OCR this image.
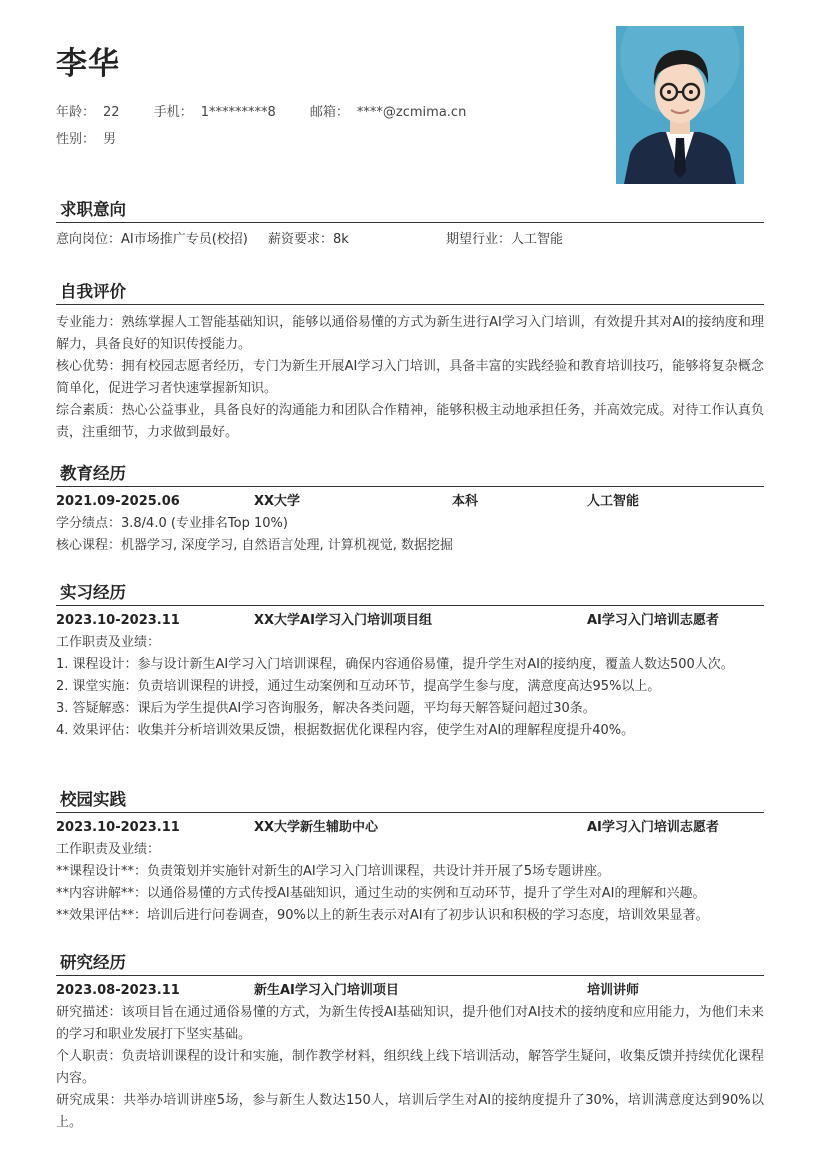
李华
年龄： 22	手机： 1*********8	邮箱： ****@zcmima.cn
性别： 男
求职意向
意向岗位：AI市场推广专员(校招) 薪资要求：8k	期望行业：人工智能
自我评价
专业能力：熟练掌握人工智能基础知识，能够以通俗易懂的方式为新生进行AI学习入门培训，有效提升其对AI的接纳度和理解力，具备良好的知识传授能力。
核心优势：拥有校园志愿者经历，专门为新生开展AI学习入门培训，具备丰富的实践经验和教育培训技巧，能够将复杂概念简单化，促进学习者快速掌握新知识。
综合素质：热心公益事业，具备良好的沟通能力和团队合作精神，能够积极主动地承担任务，并高效完成。对待工作认真负责，注重细节，力求做到最好。
教育经历
2021.09-2025.06	XX大学	本科	人工智能
学分绩点：3.8/4.0 (专业排名Top 10%)
核心课程：机器学习, 深度学习, 自然语言处理, 计算机视觉, 数据挖掘
实习经历
2023.10-2023.11	XX大学AI学习入门培训项目组	AI学习入门培训志愿者
工作职责及业绩：
1. 课程设计：参与设计新生AI学习入门培训课程，确保内容通俗易懂，提升学生对AI的接纳度，覆盖人数达500人次。
2. 课堂实施：负责培训课程的讲授，通过生动案例和互动环节，提高学生参与度，满意度高达95%以上。
3. 答疑解惑：课后为学生提供AI学习咨询服务，解决各类问题，平均每天解答疑问超过30条。
4. 效果评估：收集并分析培训效果反馈，根据数据优化课程内容，使学生对AI的理解程度提升40%。
校园实践
2023.10-2023.11	XX大学新生辅助中心	AI学习入门培训志愿者
工作职责及业绩：
**课程设计**：负责策划并实施针对新生的AI学习入门培训课程，共设计并开展了5场专题讲座。
**内容讲解**：以通俗易懂的方式传授AI基础知识，通过生动的实例和互动环节，提升了学生对AI的理解和兴趣。
**效果评估**：培训后进行问卷调查，90%以上的新生表示对AI有了初步认识和积极的学习态度，培训效果显著。
研究经历
2023.08-2023.11	新生AI学习入门培训项目	培训讲师
研究描述：该项目旨在通过通俗易懂的方式，为新生传授AI基础知识，提升他们对AI技术的接纳度和应用能力，为他们未来的学习和职业发展打下坚实基础。
个人职责：负责培训课程的设计和实施，制作教学材料，组织线上线下培训活动，解答学生疑问，收集反馈并持续优化课程内容。
研究成果：共举办培训讲座5场，参与新生人数达150人，培训后学生对AI的接纳度提升了30%，培训满意度达到90%以上。
